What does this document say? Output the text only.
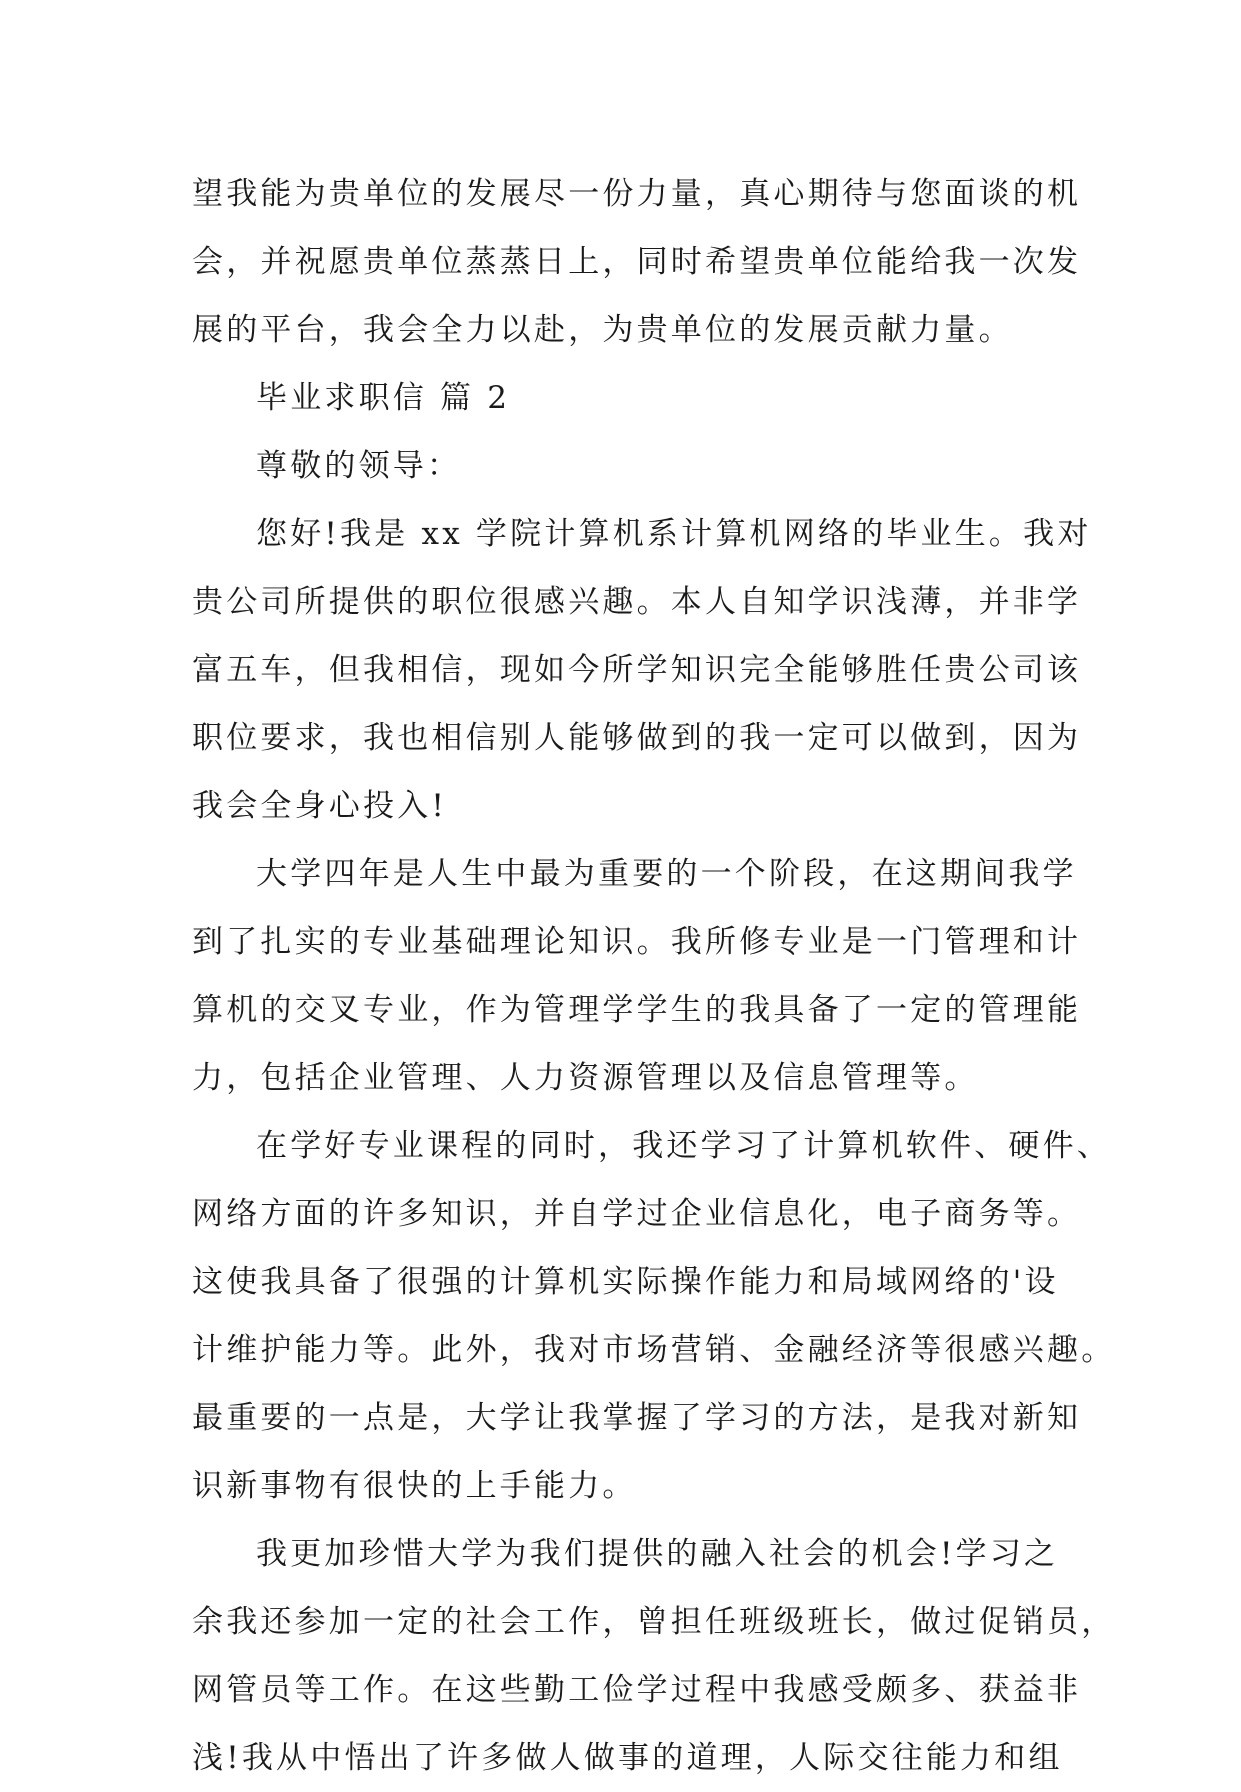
望我能为贵单位的发展尽一份力量，真心期待与您面谈的机
会，并祝愿贵单位蒸蒸日上，同时希望贵单位能给我一次发
展的平台，我会全力以赴，为贵单位的发展贡献力量。
毕业求职信 篇 2
尊敬的领导：
您好!我是 xx 学院计算机系计算机网络的毕业生。我对
贵公司所提供的职位很感兴趣。本人自知学识浅薄，并非学
富五车，但我相信，现如今所学知识完全能够胜任贵公司该
职位要求，我也相信别人能够做到的我一定可以做到，因为
我会全身心投入!
大学四年是人生中最为重要的一个阶段，在这期间我学
到了扎实的专业基础理论知识。我所修专业是一门管理和计
算机的交叉专业，作为管理学学生的我具备了一定的管理能
力，包括企业管理、人力资源管理以及信息管理等。
在学好专业课程的同时，我还学习了计算机软件、硬件、
网络方面的许多知识，并自学过企业信息化，电子商务等。
这使我具备了很强的计算机实际操作能力和局域网络的'设
计维护能力等。此外，我对市场营销、金融经济等很感兴趣。
最重要的一点是，大学让我掌握了学习的方法，是我对新知
识新事物有很快的上手能力。
我更加珍惜大学为我们提供的融入社会的机会!学习之
余我还参加一定的社会工作，曾担任班级班长，做过促销员，
网管员等工作。在这些勤工俭学过程中我感受颇多、获益非
浅!我从中悟出了许多做人做事的道理，人际交往能力和组
